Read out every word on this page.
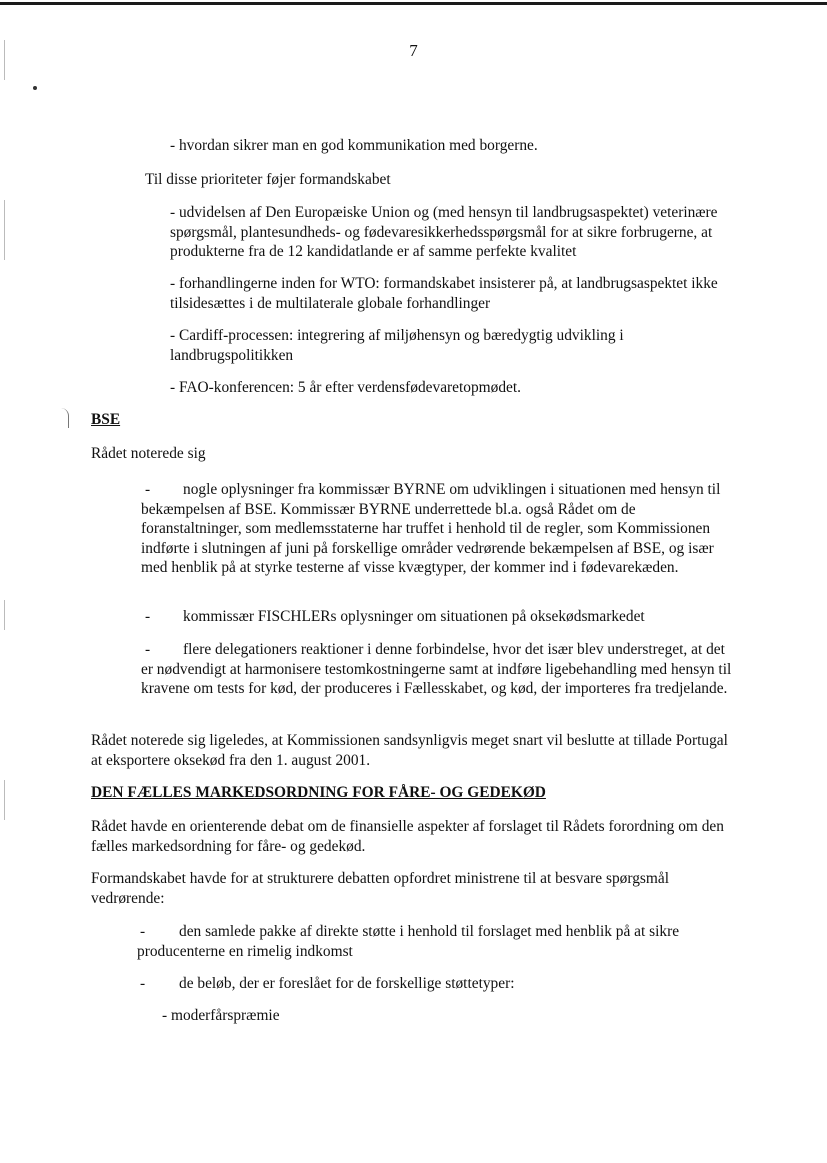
7
- hvordan sikrer man en god kommunikation med borgerne.
Til disse prioriteter føjer formandskabet
- udvidelsen af Den Europæiske Union og (med hensyn til landbrugsaspektet) veterinære spørgsmål, plantesundheds- og fødevaresikkerhedsspørgsmål for at sikre forbrugerne, at produkterne fra de 12 kandidatlande er af samme perfekte kvalitet
- forhandlingerne inden for WTO: formandskabet insisterer på, at landbrugsaspektet ikke tilsidesættes i de multilaterale globale forhandlinger
- Cardiff-processen: integrering af miljøhensyn og bæredygtig udvikling i landbrugspolitikken
- FAO-konferencen: 5 år efter verdensfødevaretopmødet.
BSE
Rådet noterede sig
-	nogle oplysninger fra kommissær BYRNE om udviklingen i situationen med hensyn til bekæmpelsen af BSE. Kommissær BYRNE underrettede bl.a. også Rådet om de foranstaltninger, som medlemsstaterne har truffet i henhold til de regler, som Kommissionen indførte i slutningen af juni på forskellige områder vedrørende bekæmpelsen af BSE, og især med henblik på at styrke testerne af visse kvægtyper, der kommer ind i fødevarekæden.
- kommissær FISCHLERs oplysninger om situationen på oksekødsmarkedet
-	flere delegationers reaktioner i denne forbindelse, hvor det især blev understreget, at det er nødvendigt at harmonisere testomkostningerne samt at indføre ligebehandling med hensyn til kravene om tests for kød, der produceres i Fællesskabet, og kød, der importeres fra tredjelande.
Rådet noterede sig ligeledes, at Kommissionen sandsynligvis meget snart vil beslutte at tillade Portugal at eksportere oksekød fra den 1. august 2001.
DEN FÆLLES MARKEDSORDNING FOR FÅRE- OG GEDEKØD
Rådet havde en orienterende debat om de finansielle aspekter af forslaget til Rådets forordning om den fælles markedsordning for fåre- og gedekød.
Formandskabet havde for at strukturere debatten opfordret ministrene til at besvare spørgsmål vedrørende:
-	den samlede pakke af direkte støtte i henhold til forslaget med henblik på at sikre producenterne en rimelig indkomst
- de beløb, der er foreslået for de forskellige støttetyper:
- moderfårspræmie
